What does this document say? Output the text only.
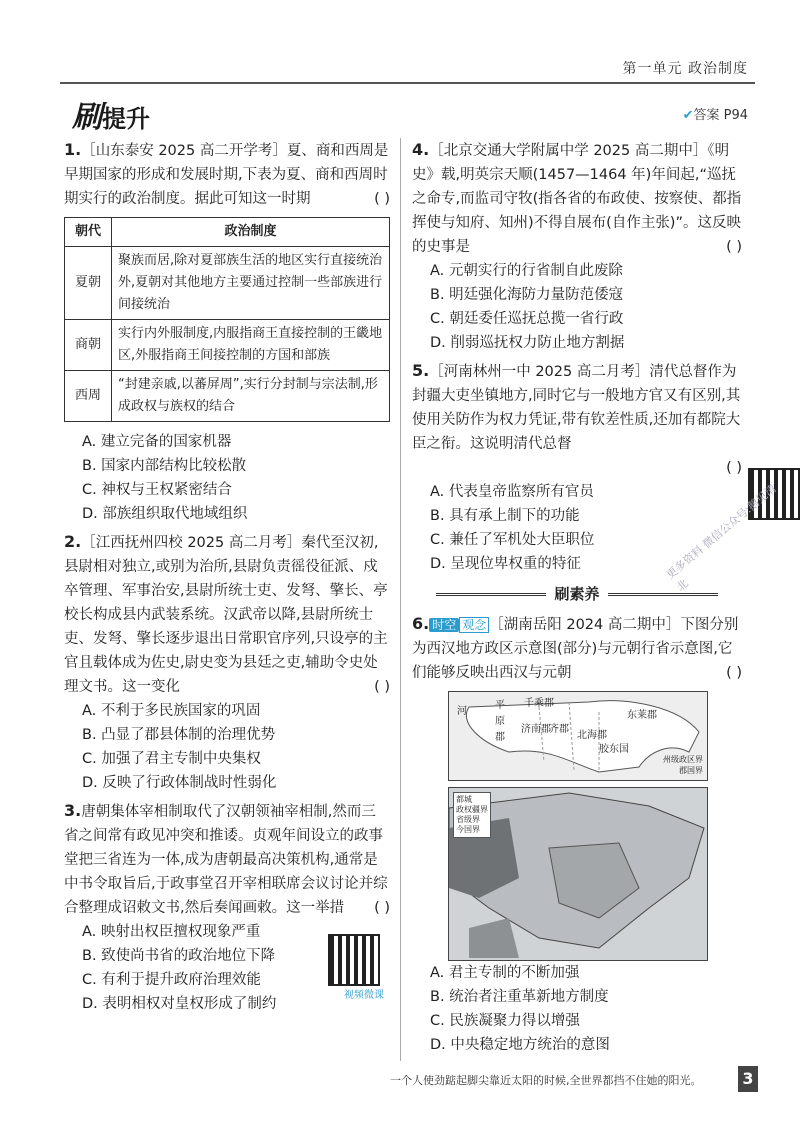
第一单元 政治制度
刷提升	✔答案 P94
1.［山东泰安 2025 高二开学考］夏、商和西周是早期国家的形成和发展时期,下表为夏、商和西周时期实行的政治制度。据此可知这一时期	( )
朝代	政治制度
夏朝	聚族而居,除对夏部族生活的地区实行直接统治外,夏朝对其他地方主要通过控制一些部族进行间接统治
商朝	实行内外服制度,内服指商王直接控制的王畿地区,外服指商王间接控制的方国和部族
西周	“封建亲戚,以蕃屏周”,实行分封制与宗法制,形成政权与族权的结合
A. 建立完备的国家机器
B. 国家内部结构比较松散
C. 神权与王权紧密结合
D. 部族组织取代地域组织
2.［江西抚州四校 2025 高二月考］秦代至汉初,县尉相对独立,或别为治所,县尉负责徭役征派、戍卒管理、军事治安,县尉所统士吏、发弩、擎长、亭校长构成县内武装系统。汉武帝以降,县尉所统士吏、发弩、擎长逐步退出日常职官序列,只设亭的主官且载体成为佐史,尉史变为县廷之吏,辅助令史处理文书。这一变化	( )
A. 不利于多民族国家的巩固
B. 凸显了郡县体制的治理优势
C. 加强了君主专制中央集权
D. 反映了行政体制战时性弱化
3.唐朝集体宰相制取代了汉朝领袖宰相制,然而三省之间常有政见冲突和推诿。贞观年间设立的政事堂把三省连为一体,成为唐朝最高决策机构,通常是中书令取旨后,于政事堂召开宰相联席会议讨论并综合整理成诏敕文书,然后奏闻画敕。这一举措 ( )
A. 映射出权臣擅权现象严重
B. 致使尚书省的政治地位下降
C. 有利于提升政府治理效能
D. 表明相权对皇权形成了制约
视频微课
4.［北京交通大学附属中学 2025 高二期中］《明史》载,明英宗天顺(1457—1464 年)年间起,“巡抚之命专,而监司守牧(指各省的布政使、按察使、都指挥使与知府、知州)不得自展布(自作主张)”。这反映的史事是	( )
A. 元朝实行的行省制自此废除
B. 明廷强化海防力量防范倭寇
C. 朝廷委任巡抚总揽一省行政
D. 削弱巡抚权力防止地方割据
5.［河南林州一中 2025 高二月考］清代总督作为封疆大吏坐镇地方,同时它与一般地方官又有区别,其使用关防作为权力凭证,带有钦差性质,还加有都院大臣之衔。这说明清代总督
( )
A. 代表皇帝监察所有官员
B. 具有承上制下的功能
C. 兼任了军机处大臣职位
D. 呈现位卑权重的特征
刷素养
6. 时空 观念 ［湖南岳阳 2024 高二期中］下图分别为西汉地方政区示意图(部分)与元朝行省示意图,它们能够反映出西汉与元朝	( )
平
原
郡
千乘郡
济南郡
齐郡
北海郡
东莱郡
胶东国
河
州级政区界
郡国界
都城
政权疆界
省级界
今国界
A. 君主专制的不断加强
B. 统治者注重革新地方制度
C. 民族凝聚力得以增强
D. 中央稳定地方统治的意图
更多资料 微信公众号:鹅见清北
一个人使劲踮起脚尖靠近太阳的时候,全世界都挡不住她的阳光。	3
